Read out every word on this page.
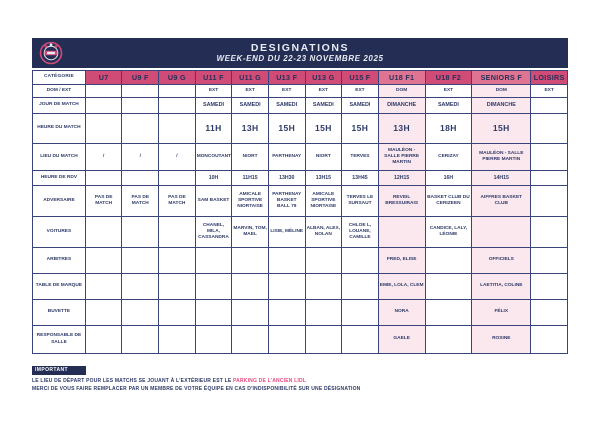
DESIGNATIONS
WEEK-END DU 22-23 NOVEMBRE 2025
CATÉGORIE	U7	U9 F	U9 G	U11 F	U11 G	U13 F	U13 G	U15 F	U18 F1	U18 F2	SENIORS F	LOISIRS
DOM / EXT				EXT	EXT	EXT	EXT	EXT	DOM	EXT	DOM	EXT
JOUR DE MATCH				SAMEDI	SAMEDI	SAMEDI	SAMEDI	SAMEDI	DIMANCHE	SAMEDI	DIMANCHE	
HEURE DU MATCH				11H	13H	15H	15H	15H	13H	18H	15H	
LIEU DU MATCH	/	/	/	MONCOUTANT	NIORT	PARTHENAY	NIORT	TERVES	MAULÉON - SALLE PIERRE MARTIN	CERIZAY	MAULÉON - SALLE PIERRE MARTIN	
HEURE DE RDV				10H	11H15	13H30	13H15	13H45	12H15	16H	14H15	
ADVERSAIRE	PAS DE MATCH	PAS DE MATCH	PAS DE MATCH	SAM BASKET	AMICALE SPORTIVE NIORTAISE	PARTHENAY BASKET BALL 79	AMICALE SPORTIVE NIORTAISE	TERVES LE SURSAUT	REVEIL BRESSUIRAIS	BASKET CLUB DU CERIZEEN	AIFFRES BASKET CLUB	
VOITURES				CHANEL, MILA, CASSANDRA	MARVIN, TOM, MAEL	LISIE, MÉLINE	ALBAN, ALEX, NOLAN	CHLOE L, LOUANE, CAMILLE		CANDICE, LALY, LÉONIE		
ARBITRES									FRED, ELISE		OFFICIELS	
TABLE DE MARQUE									EMIE, LOLA, CLEM		LAETITIA, COLINE	
BUVETTE									NORA		FÉLIX	
RESPONSABLE DE SALLE									GAELE		ROSINE	
IMPORTANT
LE LIEU DE DÉPART POUR LES MATCHS SE JOUANT À L'EXTÉRIEUR EST LE PARKING DE L'ANCIEN LIDL
MERCI DE VOUS FAIRE REMPLACER PAR UN MEMBRE DE VOTRE ÉQUIPE EN CAS D'INDISPONIBILITÉ SUR UNE DÉSIGNATION
